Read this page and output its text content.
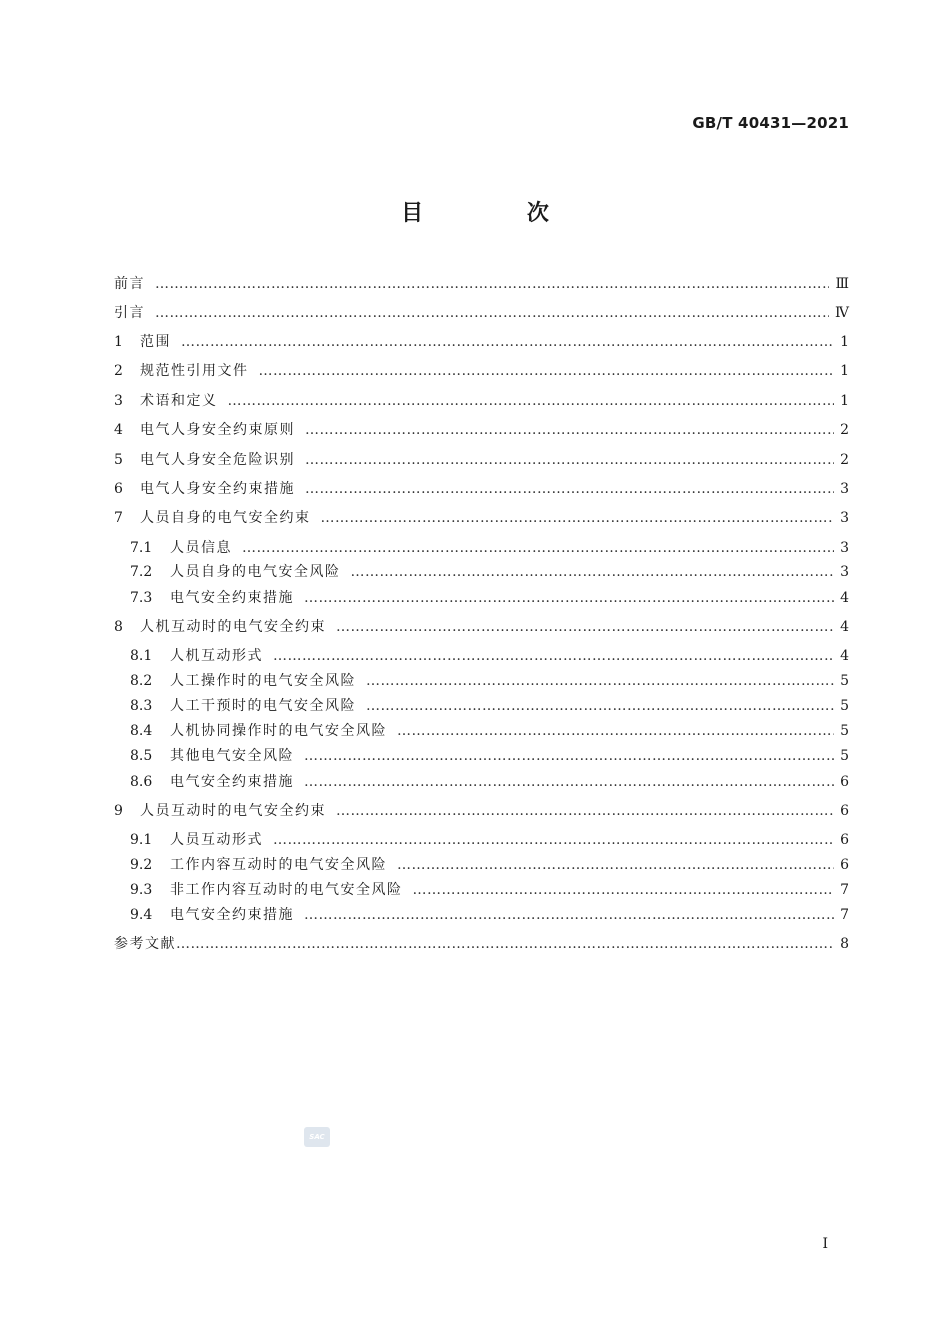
GB/T 40431—2021
目 次
前言 ……………………………………………………………………………………………………………………………………………………………………………………………………	Ⅲ
引言 ……………………………………………………………………………………………………………………………………………………………………………………………………	Ⅳ
1	范围 ……………………………………………………………………………………………………………………………………………………………………………………………………	1
2	规范性引用文件 ……………………………………………………………………………………………………………………………………………………………………………………………………	1
3	术语和定义 ……………………………………………………………………………………………………………………………………………………………………………………………………	1
4	电气人身安全约束原则 ……………………………………………………………………………………………………………………………………………………………………………………………………	2
5	电气人身安全危险识别 ……………………………………………………………………………………………………………………………………………………………………………………………………	2
6	电气人身安全约束措施 ……………………………………………………………………………………………………………………………………………………………………………………………………	3
7	人员自身的电气安全约束 ……………………………………………………………………………………………………………………………………………………………………………………………………	3
7.1	人员信息 ……………………………………………………………………………………………………………………………………………………………………………………………………	3
7.2	人员自身的电气安全风险 ……………………………………………………………………………………………………………………………………………………………………………………………………	3
7.3	电气安全约束措施 ……………………………………………………………………………………………………………………………………………………………………………………………………	4
8	人机互动时的电气安全约束 ……………………………………………………………………………………………………………………………………………………………………………………………………	4
8.1	人机互动形式 ……………………………………………………………………………………………………………………………………………………………………………………………………	4
8.2	人工操作时的电气安全风险 ……………………………………………………………………………………………………………………………………………………………………………………………………	5
8.3	人工干预时的电气安全风险 ……………………………………………………………………………………………………………………………………………………………………………………………………	5
8.4	人机协同操作时的电气安全风险 ……………………………………………………………………………………………………………………………………………………………………………………………………	5
8.5	其他电气安全风险 ……………………………………………………………………………………………………………………………………………………………………………………………………	5
8.6	电气安全约束措施 ……………………………………………………………………………………………………………………………………………………………………………………………………	6
9	人员互动时的电气安全约束 ……………………………………………………………………………………………………………………………………………………………………………………………………	6
9.1	人员互动形式 ……………………………………………………………………………………………………………………………………………………………………………………………………	6
9.2	工作内容互动时的电气安全风险 ……………………………………………………………………………………………………………………………………………………………………………………………………	6
9.3	非工作内容互动时的电气安全风险 ……………………………………………………………………………………………………………………………………………………………………………………………………	7
9.4	电气安全约束措施 ……………………………………………………………………………………………………………………………………………………………………………………………………	7
参考文献 ……………………………………………………………………………………………………………………………………………………………………………………………………	8
SAC
I
